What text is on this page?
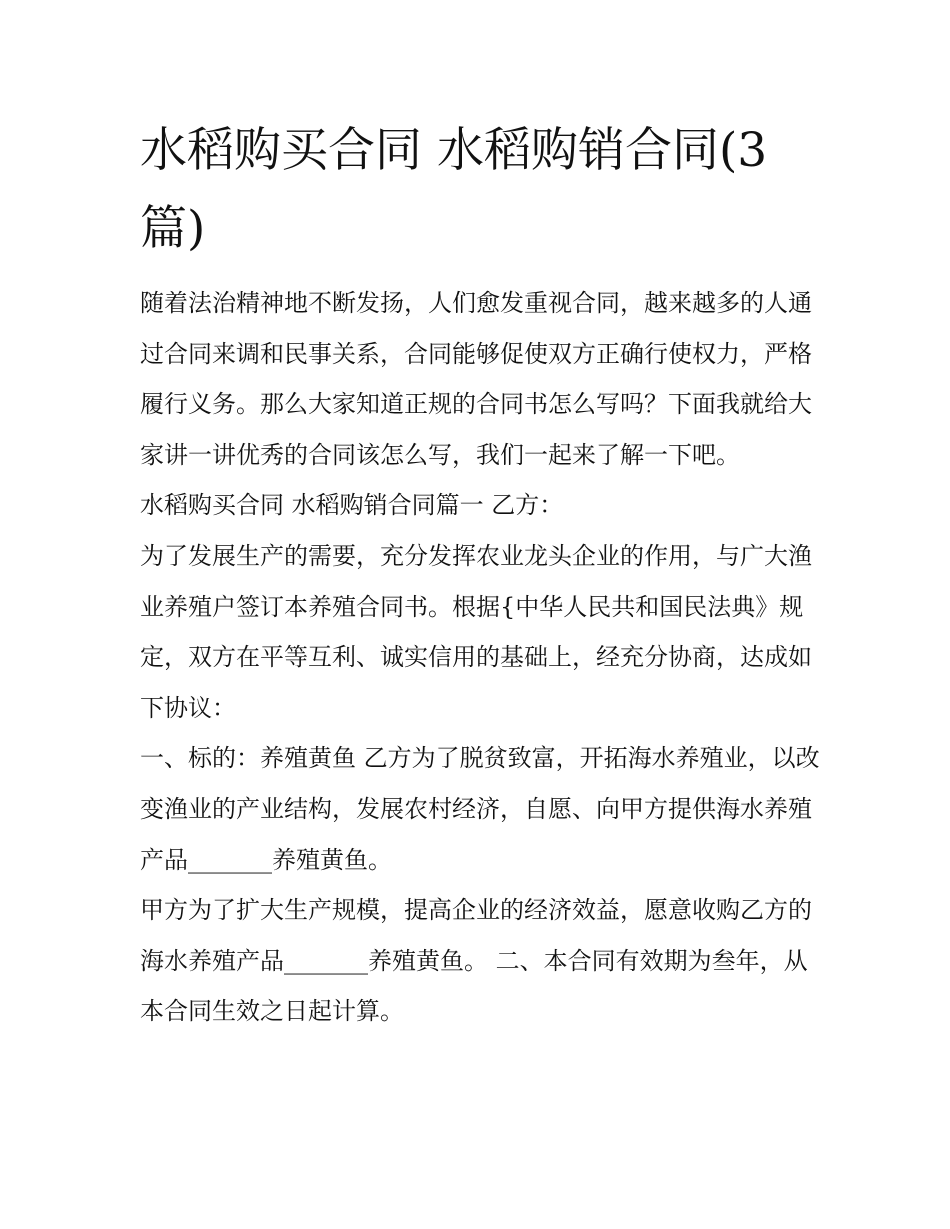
水稻购买合同 水稻购销合同(3篇)

随着法治精神地不断发扬，人们愈发重视合同，越来越多的人通过合同来调和民事关系，合同能够促使双方正确行使权力，严格履行义务。那么大家知道正规的合同书怎么写吗？下面我就给大家讲一讲优秀的合同该怎么写，我们一起来了解一下吧。

水稻购买合同 水稻购销合同篇一 乙方：

为了发展生产的需要，充分发挥农业龙头企业的作用，与广大渔业养殖户签订本养殖合同书。根据{中华人民共和国民法典》规定，双方在平等互利、诚实信用的基础上，经充分协商，达成如下协议：

一、标的：养殖黄鱼 乙方为了脱贫致富，开拓海水养殖业，以改变渔业的产业结构，发展农村经济，自愿、向甲方提供海水养殖产品_______养殖黄鱼。

甲方为了扩大生产规模，提高企业的经济效益，愿意收购乙方的海水养殖产品_______养殖黄鱼。 二、本合同有效期为叁年，从本合同生效之日起计算。
